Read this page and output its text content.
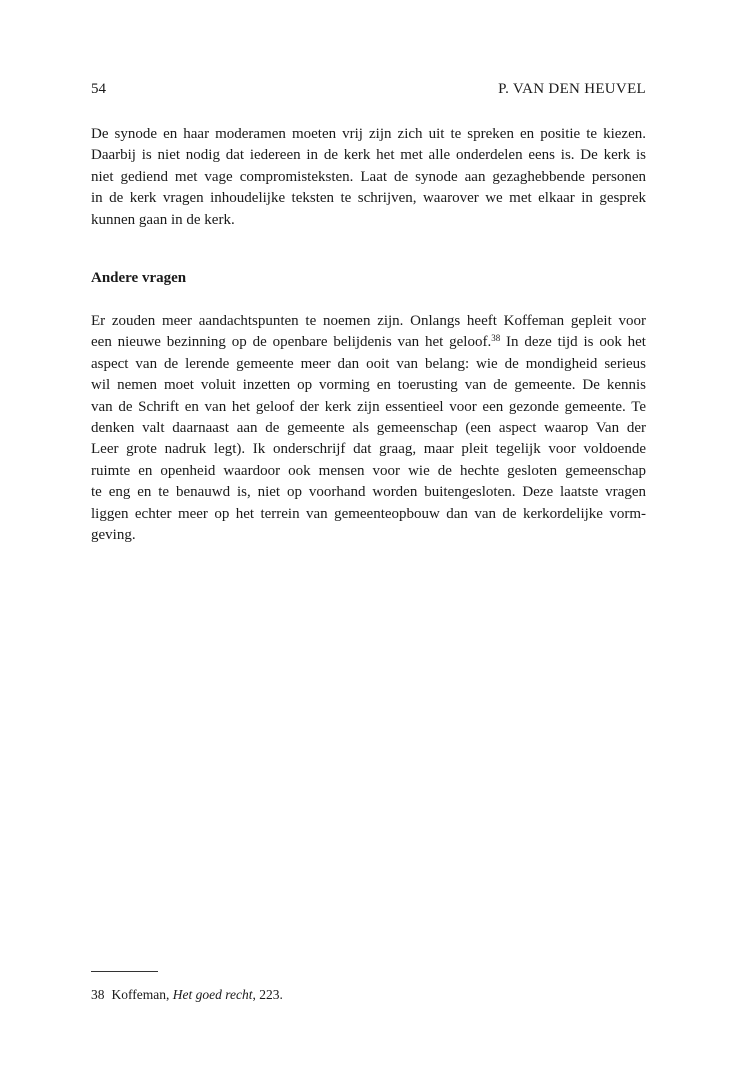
54	P. VAN DEN HEUVEL
De synode en haar moderamen moeten vrij zijn zich uit te spreken en positie te kiezen.
Daarbij is niet nodig dat iedereen in de kerk het met alle onderdelen eens is. De kerk is
niet gediend met vage compromisteksten. Laat de synode aan gezaghebbende personen
in de kerk vragen inhoudelijke teksten te schrijven, waarover we met elkaar in gesprek
kunnen gaan in de kerk.
Andere vragen
Er zouden meer aandachtspunten te noemen zijn. Onlangs heeft Koffeman gepleit voor
een nieuwe bezinning op de openbare belijdenis van het geloof.$^{38}$ In deze tijd is ook het
aspect van de lerende gemeente meer dan ooit van belang: wie de mondigheid serieus
wil nemen moet voluit inzetten op vorming en toerusting van de gemeente. De kennis
van de Schrift en van het geloof der kerk zijn essentieel voor een gezonde gemeente. Te
denken valt daarnaast aan de gemeente als gemeenschap (een aspect waarop Van der
Leer grote nadruk legt). Ik onderschrijf dat graag, maar pleit tegelijk voor voldoende
ruimte en openheid waardoor ook mensen voor wie de hechte gesloten gemeenschap
te eng en te benauwd is, niet op voorhand worden buitengesloten. Deze laatste vragen
liggen echter meer op het terrein van gemeenteopbouw dan van de kerkordelijke vorm-
geving.
38 Koffeman, Het goed recht, 223.
